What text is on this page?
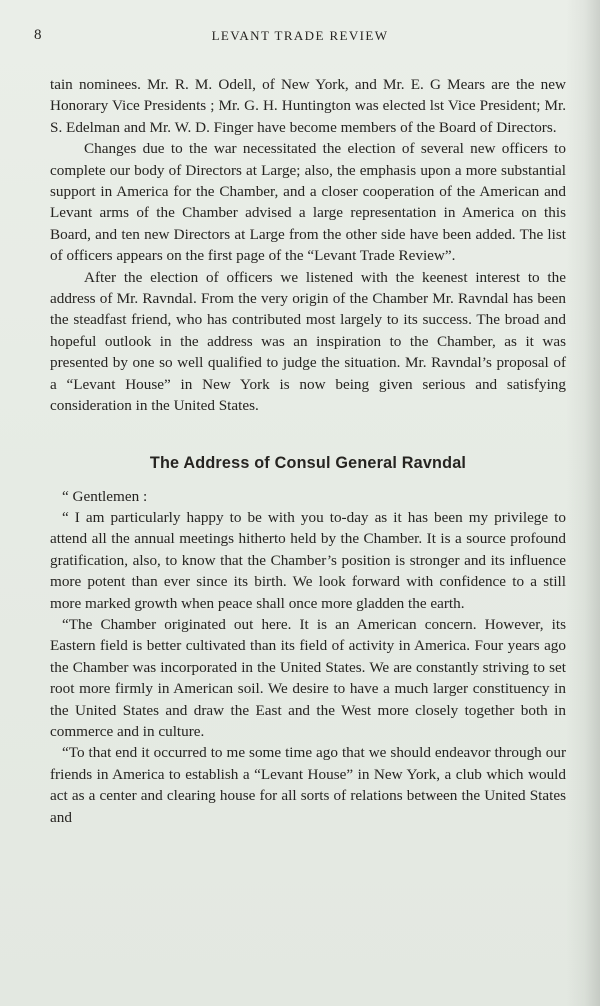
8	LEVANT TRADE REVIEW

tain nominees. Mr. R. M. Odell, of New York, and Mr. E. G Mears are the new Honorary Vice Presidents ; Mr. G. H. Huntington was elected lst Vice President; Mr. S. Edelman and Mr. W. D. Finger have become members of the Board of Directors.

Changes due to the war necessitated the election of several new officers to complete our body of Directors at Large; also, the emphasis upon a more substantial support in America for the Chamber, and a closer cooperation of the American and Levant arms of the Chamber advised a large representation in America on this Board, and ten new Directors at Large from the other side have been added. The list of officers appears on the first page of the “Levant Trade Review”.

After the election of officers we listened with the keenest interest to the address of Mr. Ravndal. From the very origin of the Chamber Mr. Ravndal has been the steadfast friend, who has contributed most largely to its success. The broad and hopeful outlook in the address was an inspiration to the Chamber, as it was presented by one so well qualified to judge the situation. Mr. Ravndal’s proposal of a “Levant House” in New York is now being given serious and satisfying consideration in the United States.

The Address of Consul General Ravndal

“ Gentlemen :

“ I am particularly happy to be with you to-day as it has been my privilege to attend all the annual meetings hitherto held by the Chamber. It is a source profound gratification, also, to know that the Chamber’s position is stronger and its influence more potent than ever since its birth. We look forward with confidence to a still more marked growth when peace shall once more gladden the earth.

“The Chamber originated out here. It is an American concern. However, its Eastern field is better cultivated than its field of activity in America. Four years ago the Chamber was incorporated in the United States. We are constantly striving to set root more firmly in American soil. We desire to have a much larger constituency in the United States and draw the East and the West more closely together both in commerce and in culture.

“To that end it occurred to me some time ago that we should endeavor through our friends in America to establish a “Levant House” in New York, a club which would act as a center and clearing house for all sorts of relations between the United States and
